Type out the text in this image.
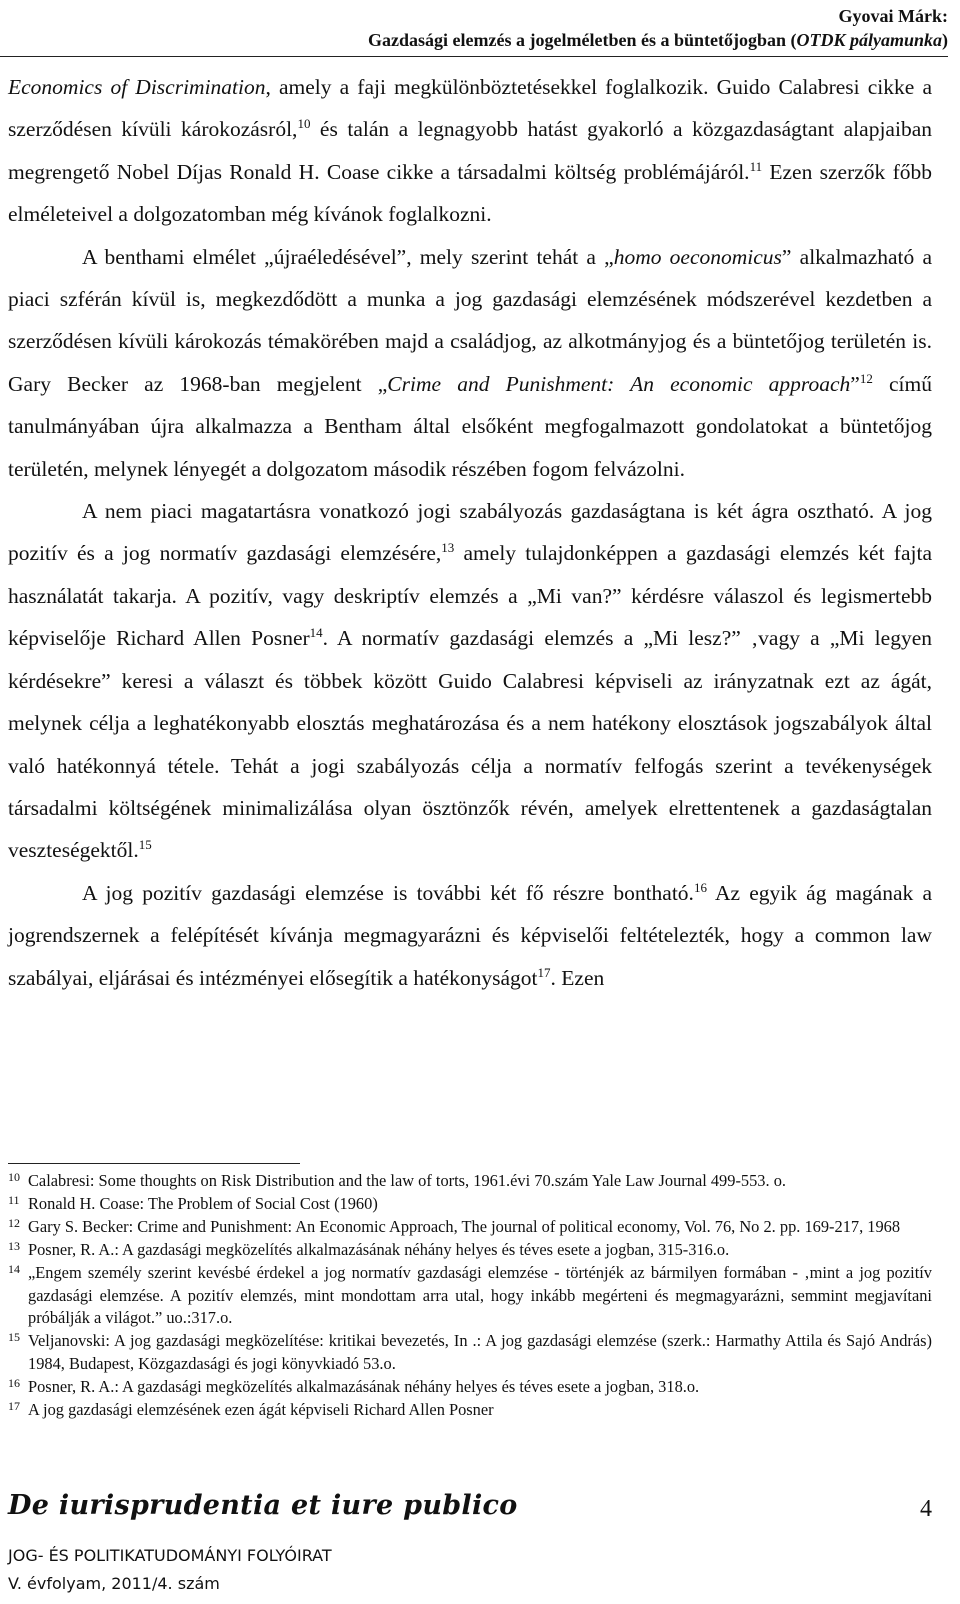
Gyovai Márk:
Gazdasági elemzés a jogelméletben és a büntetőjogban (OTDK pályamunka)

Economics of Discrimination, amely a faji megkülönböztetésekkel foglalkozik. Guido Calabresi cikke a szerződésen kívüli károkozásról,$^{10}$ és talán a legnagyobb hatást gyakorló a közgazdaságtant alapjaiban megrengető Nobel Díjas Ronald H. Coase cikke a társadalmi költség problémájáról.$^{11}$ Ezen szerzők főbb elméleteivel a dolgozatomban még kívánok foglalkozni.

A benthami elmélet „újraéledésével”, mely szerint tehát a „homo oeconomicus” alkalmazható a piaci szférán kívül is, megkezdődött a munka a jog gazdasági elemzésének módszerével kezdetben a szerződésen kívüli károkozás témakörében majd a családjog, az alkotmányjog és a büntetőjog területén is. Gary Becker az 1968-ban megjelent „Crime and Punishment: An economic approach”$^{12}$ című tanulmányában újra alkalmazza a Bentham által elsőként megfogalmazott gondolatokat a büntetőjog területén, melynek lényegét a dolgozatom második részében fogom felvázolni.

A nem piaci magatartásra vonatkozó jogi szabályozás gazdaságtana is két ágra osztható. A jog pozitív és a jog normatív gazdasági elemzésére,$^{13}$ amely tulajdonképpen a gazdasági elemzés két fajta használatát takarja. A pozitív, vagy deskriptív elemzés a „Mi van?” kérdésre válaszol és legismertebb képviselője Richard Allen Posner$^{14}$. A normatív gazdasági elemzés a „Mi lesz?” ‚vagy a „Mi legyen kérdésekre” keresi a választ és többek között Guido Calabresi képviseli az irányzatnak ezt az ágát, melynek célja a leghatékonyabb elosztás meghatározása és a nem hatékony elosztások jogszabályok által való hatékonnyá tétele. Tehát a jogi szabályozás célja a normatív felfogás szerint a tevékenységek társadalmi költségének minimalizálása olyan ösztönzők révén, amelyek elrettentenek a gazdaságtalan veszteségektől.$^{15}$

A jog pozitív gazdasági elemzése is további két fő részre bontható.$^{16}$ Az egyik ág magának a jogrendszernek a felépítését kívánja megmagyarázni és képviselői feltételezték, hogy a common law szabályai, eljárásai és intézményei elősegítik a hatékonyságot$^{17}$. Ezen

10 Calabresi: Some thoughts on Risk Distribution and the law of torts, 1961.évi 70.szám Yale Law Journal 499-553. o.

11 Ronald H. Coase: The Problem of Social Cost (1960)

12 Gary S. Becker: Crime and Punishment: An Economic Approach, The journal of political economy, Vol. 76, No 2. pp. 169-217, 1968

13 Posner, R. A.: A gazdasági megközelítés alkalmazásának néhány helyes és téves esete a jogban, 315-316.o.

14 „Engem személy szerint kevésbé érdekel a jog normatív gazdasági elemzése - történjék az bármilyen formában - ‚mint a jog pozitív gazdasági elemzése. A pozitív elemzés, mint mondottam arra utal, hogy inkább megérteni és megmagyarázni, semmint megjavítani próbálják a világot.” uo.:317.o.

15 Veljanovski: A jog gazdasági megközelítése: kritikai bevezetés, In .: A jog gazdasági elemzése (szerk.: Harmathy Attila és Sajó András) 1984, Budapest, Közgazdasági és jogi könyvkiadó 53.o.

16 Posner, R. A.: A gazdasági megközelítés alkalmazásának néhány helyes és téves esete a jogban, 318.o.

17 A jog gazdasági elemzésének ezen ágát képviseli Richard Allen Posner

De iurisprudentia et iure publico	4
JOG- ÉS POLITIKATUDOMÁNYI FOLYÓIRAT
V. évfolyam, 2011/4. szám
